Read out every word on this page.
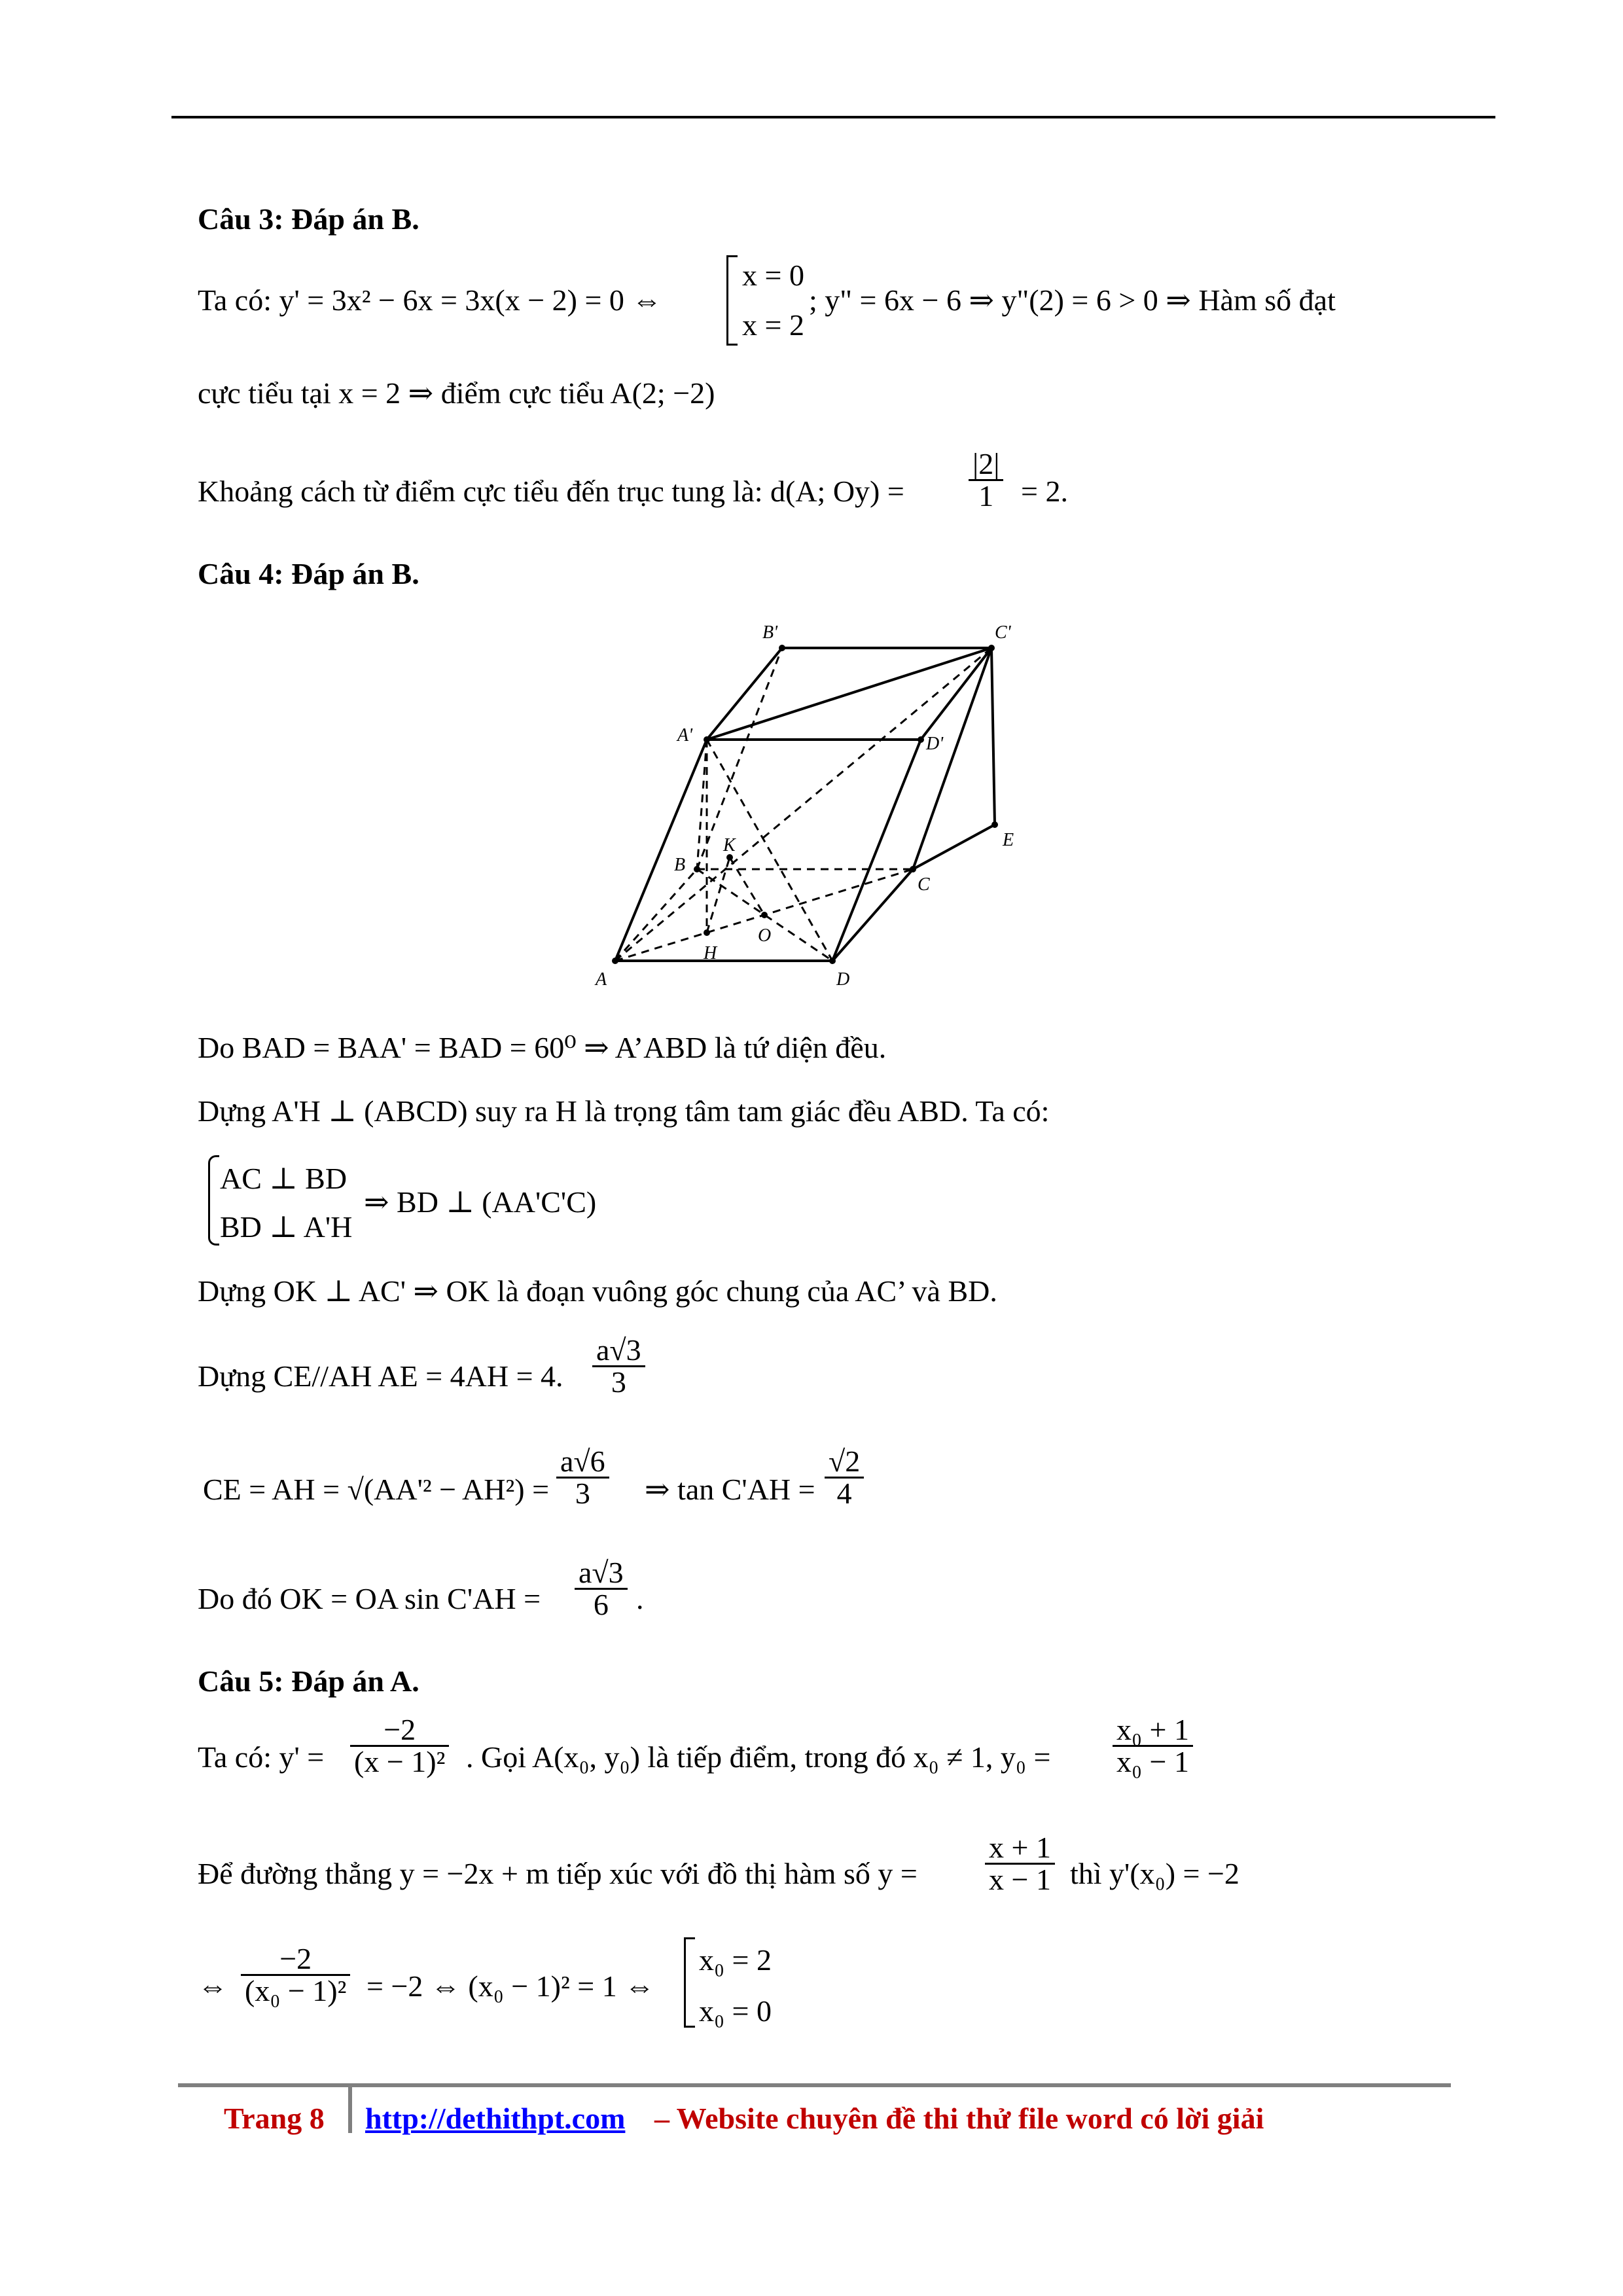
Câu 3: Đáp án B.
Ta có: y' = 3x² − 6x = 3x(x − 2) = 0 ⇔
x = 0
x = 2
; y" = 6x − 6 ⇒ y"(2) = 6 > 0 ⇒ Hàm số đạt
cực tiểu tại x = 2 ⇒ điểm cực tiểu A(2; −2)
Khoảng cách từ điểm cực tiểu đến trục tung là: d(A; $Oy) = \frac{|2|}{1} = 2$.
Câu 4: Đáp án B.
B'	C'
A'	D'
K
B
E
C
O
H
A	D
Do BAD = BAA' = BAD = 60⁰ ⇒ A’ABD là tứ diện đều.
Dựng A'H ⊥ (ABCD) suy ra H là trọng tâm tam giác đều ABD. Ta có:
AC ⊥ BD
BD ⊥ A'H
⇒ BD ⊥ (AA'C'C)
Dựng OK ⊥ AC' ⇒ OK là đoạn vuông góc chung của AC’ và BD.
Dựng CE//AH AE = 4AH = 4. $\frac{a√3}{3}$
CE = AH = $√(AA'^2 - AH^2) = \frac{a√6}{3}$ ⇒ $\tan C'AH = \frac{√2}{4}$
Do đó OK = OA $\sin C'AH = \frac{a√3}{6}$ .
Câu 5: Đáp án A.
Ta có: $y' = \frac{-2}{\text{(x − 1)²}}$ . Gọi A(x₀, y₀) là tiếp điểm, trong đó x₀ ≠ 1, $y_0 = \frac{\text{x₀ + 1}}{\text{x₀ − 1}}$
Để đường thẳng y = −2x + m tiếp xúc với đồ thị hàm số $y = \frac{x + 1}{x - 1}$ thì y'(x₀) = −2
⇔ $\frac{-2}{\text{(x₀ − 1)²}} = -2$ ⇔ (x₀ − 1)² = 1 ⇔
x₀ = 2
x₀ = 0
Trang 8 http://dethithpt.com – Website chuyên đề thi thử file word có lời giải
